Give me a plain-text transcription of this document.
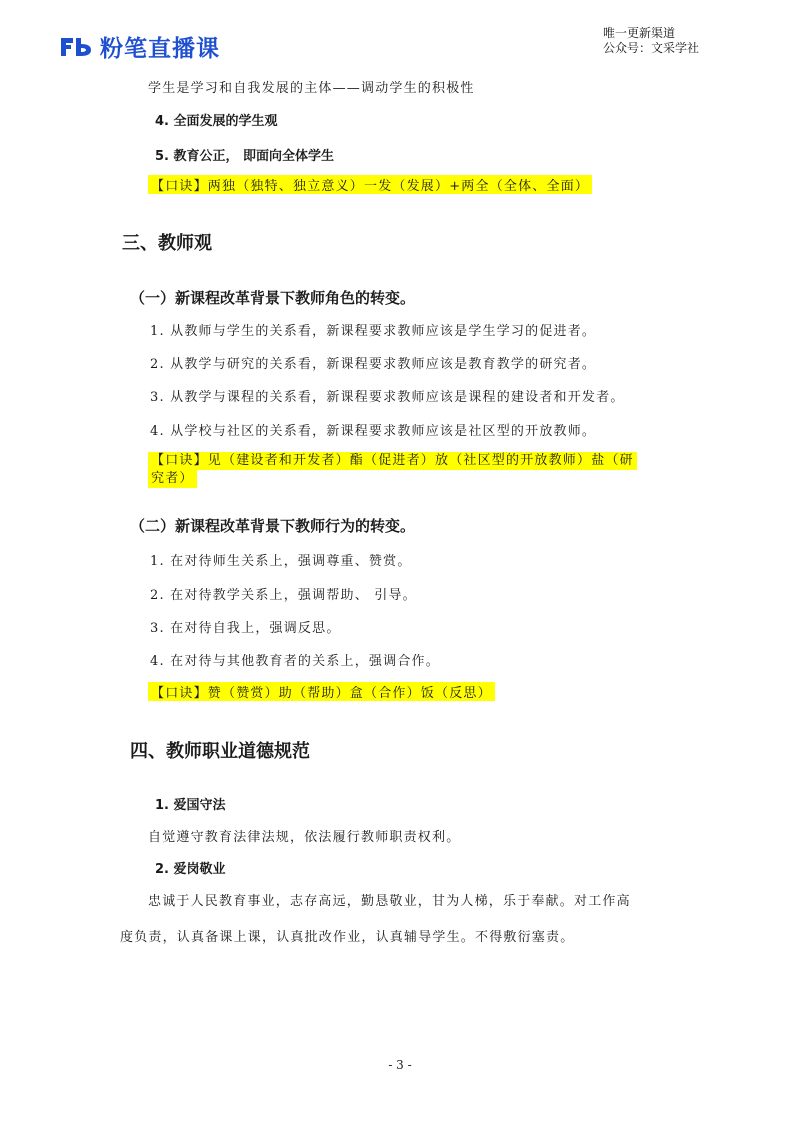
粉笔直播课
唯一更新渠道
公众号：文采学社
学生是学习和自我发展的主体——调动学生的积极性
4. 全面发展的学生观
5. 教育公正， 即面向全体学生
【口诀】两独（独特、独立意义）一发（发展）+两全（全体、全面）
三、教师观
（一）新课程改革背景下教师角色的转变。
1. 从教师与学生的关系看，新课程要求教师应该是学生学习的促进者。
2. 从教学与研究的关系看，新课程要求教师应该是教育教学的研究者。
3. 从教学与课程的关系看，新课程要求教师应该是课程的建设者和开发者。
4. 从学校与社区的关系看，新课程要求教师应该是社区型的开放教师。
【口诀】见（建设者和开发者）酯（促进者）放（社区型的开放教师）盐（研
究者）
（二）新课程改革背景下教师行为的转变。
1. 在对待师生关系上，强调尊重、赞赏。
2. 在对待教学关系上，强调帮助、 引导。
3. 在对待自我上，强调反思。
4. 在对待与其他教育者的关系上，强调合作。
【口诀】赞（赞赏）助（帮助）盒（合作）饭（反思）
四、教师职业道德规范
1. 爱国守法
自觉遵守教育法律法规，依法履行教师职责权利。
2. 爱岗敬业
忠诚于人民教育事业，志存高远，勤恳敬业，甘为人梯，乐于奉献。对工作高
度负责，认真备课上课，认真批改作业，认真辅导学生。不得敷衍塞责。
- 3 -
